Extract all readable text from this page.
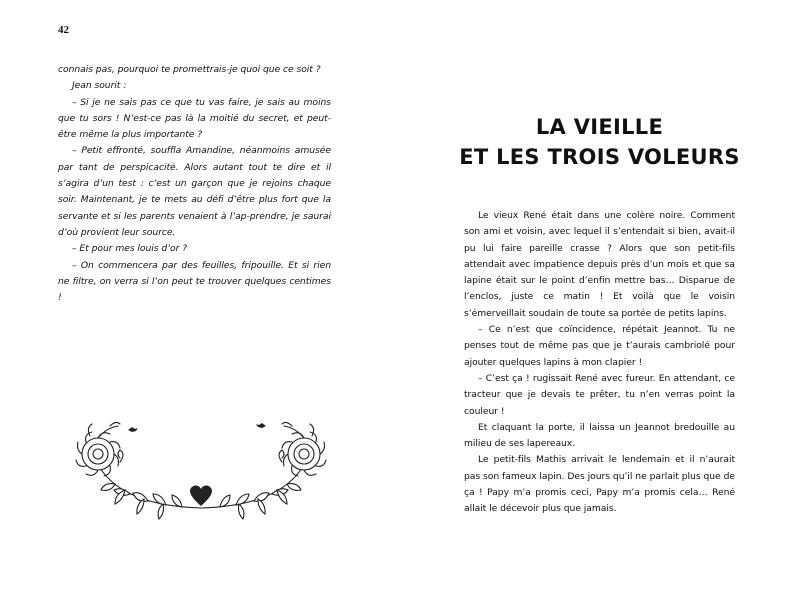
42

connais pas, pourquoi te promettrais-je quoi que ce soit ?

Jean sourit :

– Si je ne sais pas ce que tu vas faire, je sais au moins que tu sors ! N’est-ce pas là la moitié du secret, et peut-être même la plus importante ?

– Petit effronté, souffla Amandine, néanmoins amusée par tant de perspicacité. Alors autant tout te dire et il s’agira d’un test : c’est un garçon que je rejoins chaque soir. Maintenant, je te mets au défi d’être plus fort que la servante et si les parents venaient à l’ap-prendre, je saurai d’où provient leur source.

– Et pour mes louis d’or ?

– On commencera par des feuilles, fripouille. Et si rien ne filtre, on verra si l’on peut te trouver quelques centimes !

LA VIEILLE
ET LES TROIS VOLEURS

Le vieux René était dans une colère noire. Comment son ami et voisin, avec lequel il s’entendait si bien, avait-il pu lui faire pareille crasse ? Alors que son petit-fils attendait avec impatience depuis près d’un mois et que sa lapine était sur le point d’enfin mettre bas… Disparue de l’enclos, juste ce matin ! Et voilà que le voisin s’émerveillait soudain de toute sa portée de petits lapins.

– Ce n’est que coïncidence, répétait Jeannot. Tu ne penses tout de même pas que je t’aurais cambriolé pour ajouter quelques lapins à mon clapier !

– C’est ça ! rugissait René avec fureur. En attendant, ce tracteur que je devais te prêter, tu n’en verras point la couleur !

Et claquant la porte, il laissa un Jeannot bredouille au milieu de ses lapereaux.

Le petit-fils Mathis arrivait le lendemain et il n’aurait pas son fameux lapin. Des jours qu’il ne parlait plus que de ça ! Papy m’a promis ceci, Papy m’a promis cela… René allait le décevoir plus que jamais.
